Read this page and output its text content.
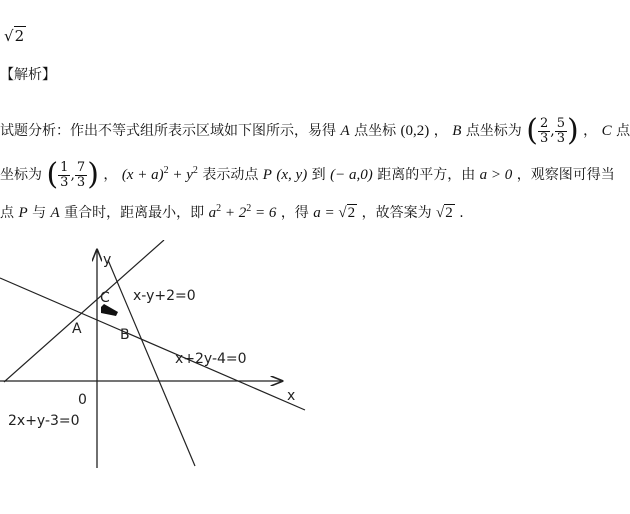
√2
【解析】
试题分析：作出不等式组所表示区域如下图所示，易得 A 点坐标 (0,2) ， B 点坐标为 ( $\frac{2}{3}$ , $\frac{5}{3}$ ) ， C 点
坐标为 ( $\frac{1}{3}$ , $\frac{7}{3}$ ) ， $(x + a)^2 + y^2$ 表示动点 P (x, y) 到 (− a,0) 距离的平方，由 a > 0 ，观察图可得当
点 P 与 A 重合时，距离最小，即 $a^2 + 2^2 = 6$ ，得 a = √2 ，故答案为 √2 .
y
x
0
A	B
C x-y+2=0
x+2y-4=0
2x+y-3=0
